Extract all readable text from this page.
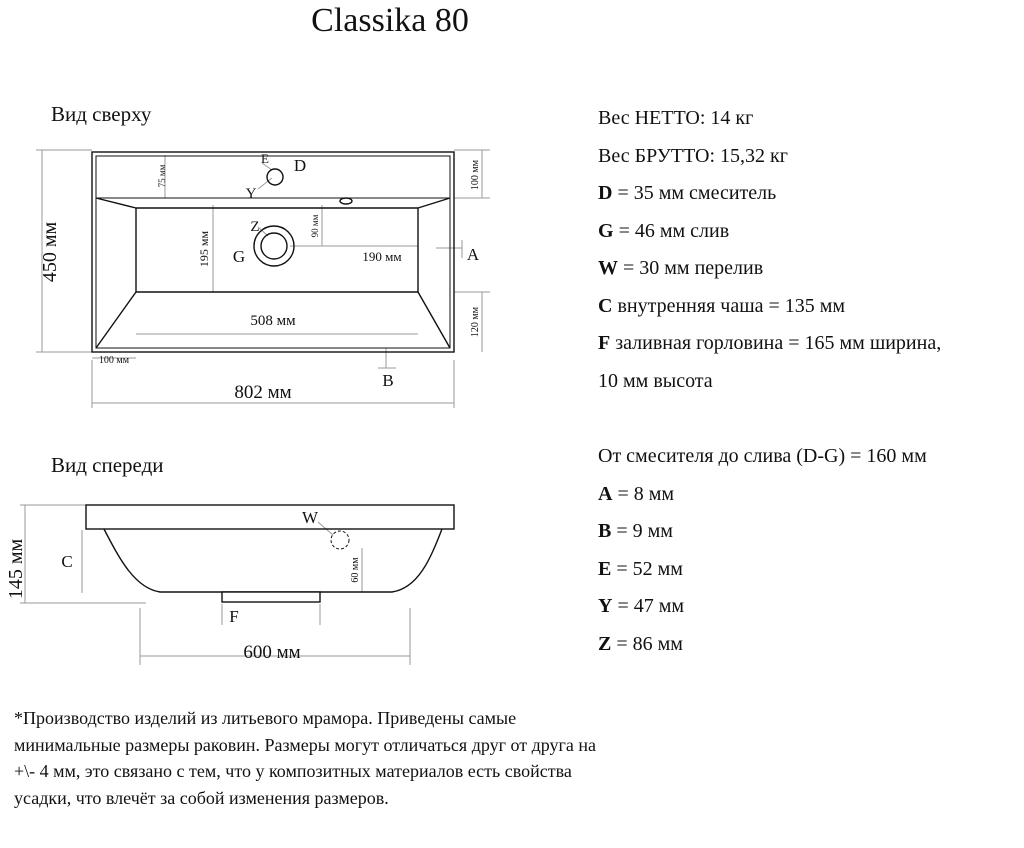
Classika 80
Вид сверху
Вид спереди
75 мм	100 мм
120 мм
195 мм
90 мм
450 мм	190 мм
508 мм
100 мм
802 мм
E D
Y
Z
G	A
B
60 мм
145 мм
600 мм
W
C
F
Вес НЕТТО: 14 кг
Вес БРУТТО: 15,32 кг
D = 35 мм смеситель
G = 46 мм слив
W = 30 мм перелив
C внутренняя чаша = 135 мм
F заливная горловина = 165 мм ширина,
10 мм высота
От смесителя до слива (D-G) = 160 мм
A = 8 мм
B = 9 мм
E = 52 мм
Y = 47 мм
Z = 86 мм
*Производство изделий из литьевого мрамора. Приведены самые минимальные размеры раковин. Размеры могут отличаться друг от друга на +\- 4 мм, это связано с тем, что у композитных материалов есть свойства усадки, что влечёт за собой изменения размеров.
